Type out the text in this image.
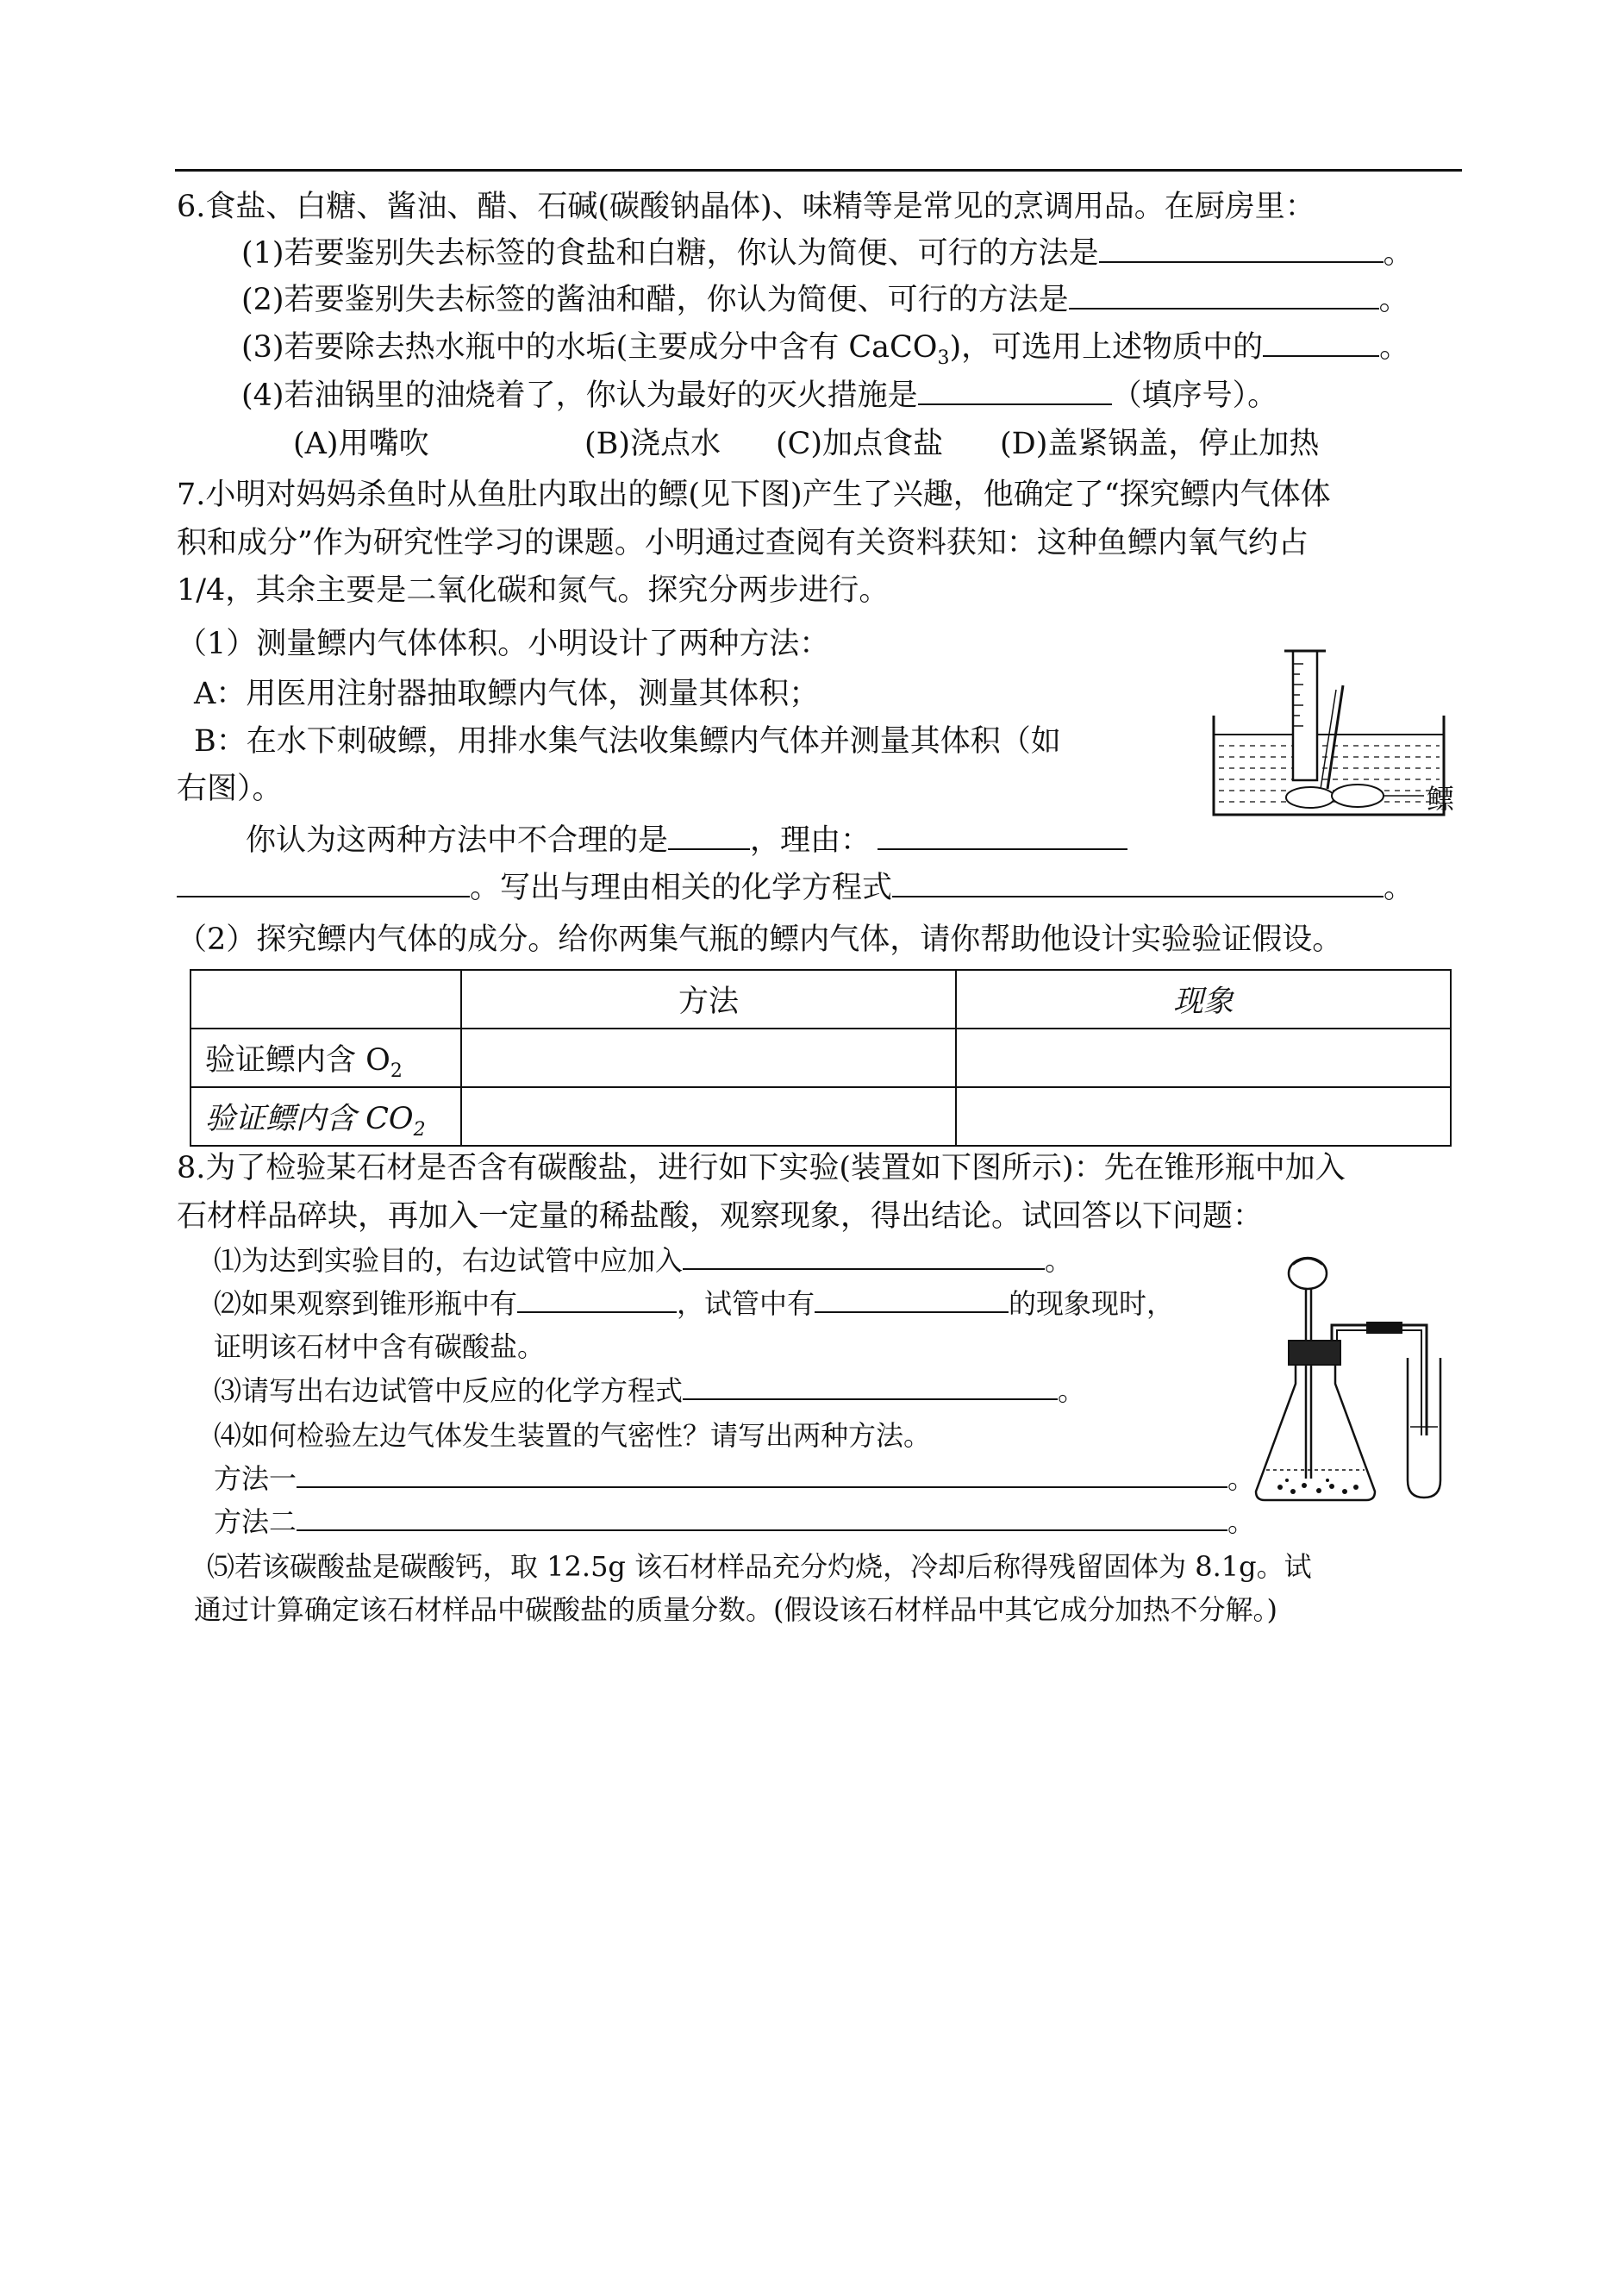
6.食盐、白糖、酱油、醋、石碱(碳酸钠晶体)、味精等是常见的烹调用品。在厨房里：
(1)若要鉴别失去标签的食盐和白糖，你认为简便、可行的方法是	。
(2)若要鉴别失去标签的酱油和醋，你认为简便、可行的方法是	。
(3)若要除去热水瓶中的水垢(主要成分中含有 CaCO$_3$)，可选用上述物质中的	。
(4)若油锅里的油烧着了，你认为最好的灭火措施是	（填序号）。
(A)用嘴吹	(B)浇点水 (C)加点食盐 (D)盖紧锅盖，停止加热
7.小明对妈妈杀鱼时从鱼肚内取出的鳔(见下图)产生了兴趣，他确定了“探究鳔内气体体
积和成分”作为研究性学习的课题。小明通过查阅有关资料获知：这种鱼鳔内氧气约占
1/4，其余主要是二氧化碳和氮气。探究分两步进行。
（1）测量鳔内气体体积。小明设计了两种方法：
A：用医用注射器抽取鳔内气体，测量其体积；
B：在水下刺破鳔，用排水集气法收集鳔内气体并测量其体积（如
右图）。
你认为这两种方法中不合理的是	，理由：
。写出与理由相关的化学方程式	。
（2）探究鳔内气体的成分。给你两集气瓶的鳔内气体，请你帮助他设计实验验证假设。
鳔
	方法	现象
验证鳔内含 $O_2$		
验证鳔内含 $CO_2$		
8.为了检验某石材是否含有碳酸盐，进行如下实验(装置如下图所示)：先在锥形瓶中加入
石材样品碎块，再加入一定量的稀盐酸，观察现象，得出结论。试回答以下问题：
⑴为达到实验目的，右边试管中应加入	。
⑵如果观察到锥形瓶中有	，试管中有	的现象现时，
证明该石材中含有碳酸盐。
⑶请写出右边试管中反应的化学方程式	。
⑷如何检验左边气体发生装置的气密性？请写出两种方法。
方法一	。
方法二	。
⑸若该碳酸盐是碳酸钙，取 12.5g 该石材样品充分灼烧，冷却后称得残留固体为 8.1g。试
通过计算确定该石材样品中碳酸盐的质量分数。(假设该石材样品中其它成分加热不分解。)
